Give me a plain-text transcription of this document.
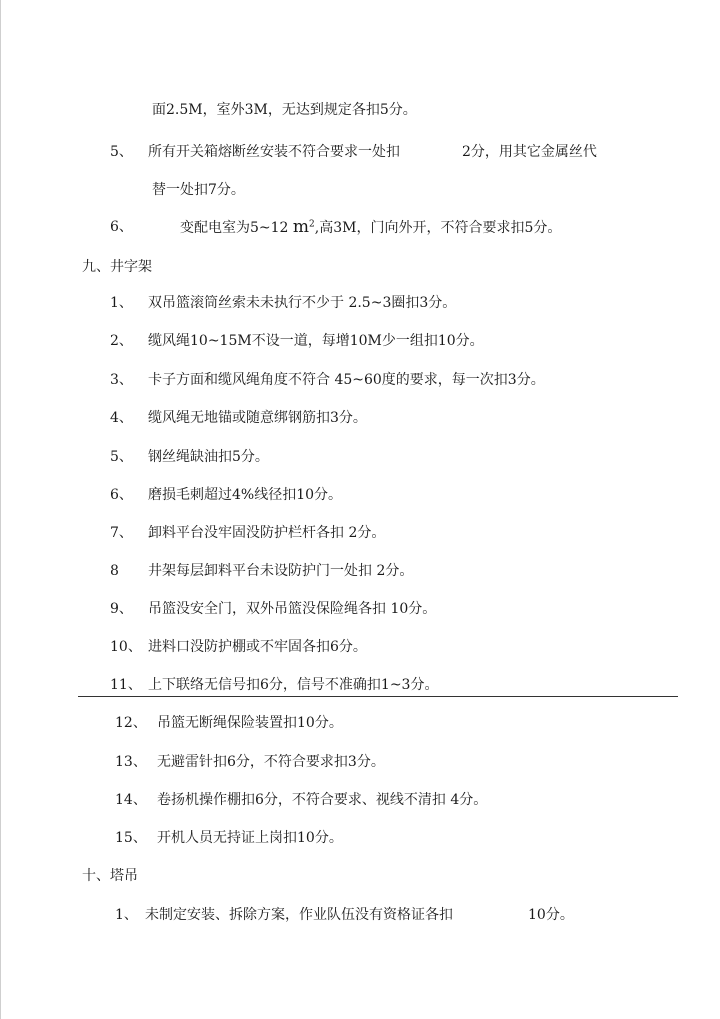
面2.5M，室外3M，无达到规定各扣5分。
5、 所有开关箱熔断丝安装不符合要求一处扣	2分，用其它金属丝代
替一处扣7分。
6、	变配电室为5~12 $m^2$,高3M，门向外开，不符合要求扣5分。
九、井字架
1、 双吊篮滚筒丝索未未执行不少于 2.5~3圈扣3分。
2、 缆风绳10~15M不设一道，每增10M少一组扣10分。
3、 卡子方面和缆风绳角度不符合 45~60度的要求，每一次扣3分。
4、 缆风绳无地锚或随意绑钢筋扣3分。
5、 钢丝绳缺油扣5分。
6、 磨损毛刺超过4%线径扣10分。
7、 卸料平台没牢固没防护栏杆各扣 2分。
8 井架每层卸料平台未设防护门一处扣 2分。
9、 吊篮没安全门，双外吊篮没保险绳各扣 10分。
10、 进料口没防护棚或不牢固各扣6分。
11、 上下联络无信号扣6分，信号不准确扣1~3分。
12、 吊篮无断绳保险装置扣10分。
13、 无避雷针扣6分，不符合要求扣3分。
14、 卷扬机操作棚扣6分，不符合要求、视线不清扣 4分。
15、 开机人员无持证上岗扣10分。
十、塔吊
1、 未制定安装、拆除方案，作业队伍没有资格证各扣	10分。
